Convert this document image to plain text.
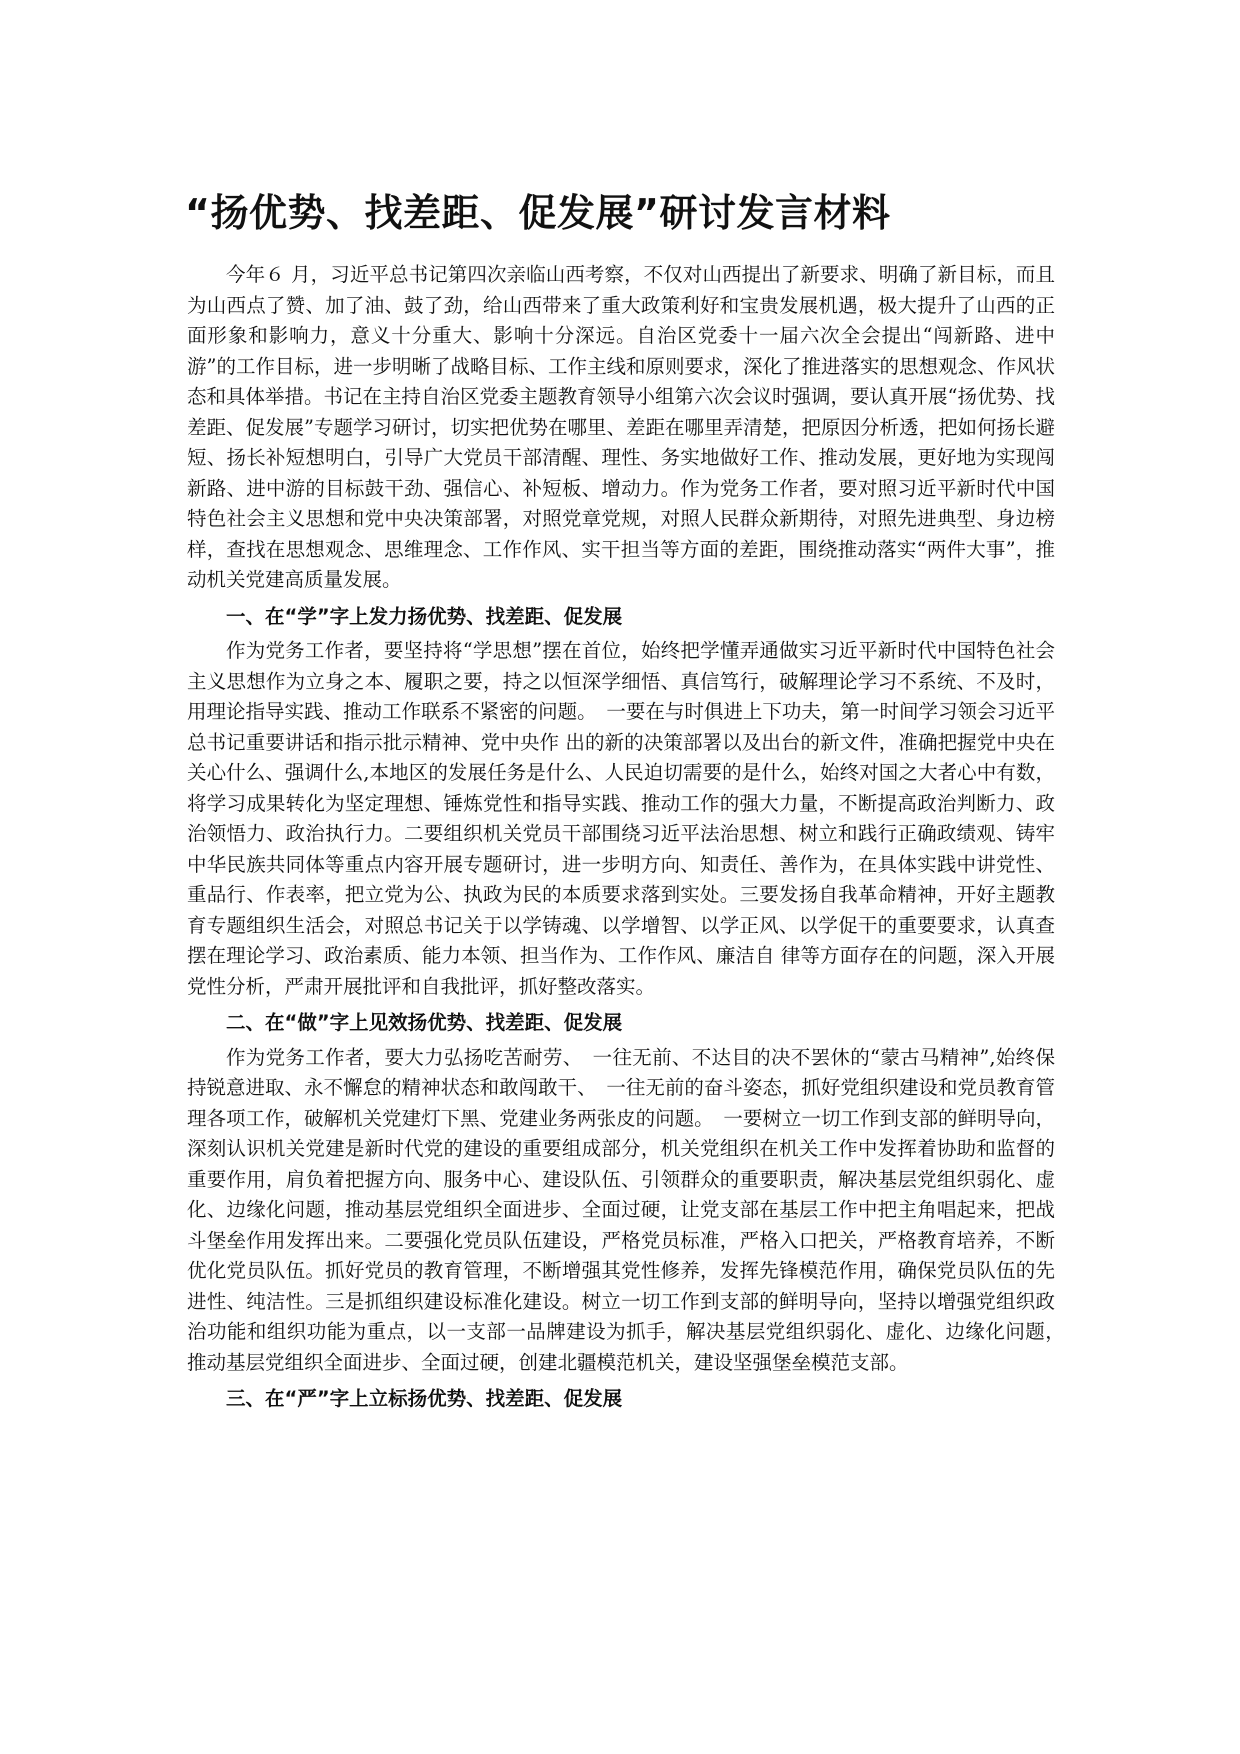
“扬优势、找差距、促发展”研讨发言材料

今年６ 月，习近平总书记第四次亲临山西考察，不仅对山西提出了新要求、明确了新目标，而且为山西点了赞、加了油、鼓了劲，给山西带来了重大政策利好和宝贵发展机遇，极大提升了山西的正面形象和影响力，意义十分重大、影响十分深远。自治区党委十一届六次全会提出“闯新路、进中游”的工作目标，进一步明晰了战略目标、工作主线和原则要求，深化了推进落实的思想观念、作风状态和具体举措。书记在主持自治区党委主题教育领导小组第六次会议时强调，要认真开展“扬优势、找差距、促发展”专题学习研讨，切实把优势在哪里、差距在哪里弄清楚，把原因分析透，把如何扬长避短、扬长补短想明白，引导广大党员干部清醒、理性、务实地做好工作、推动发展，更好地为实现闯新路、进中游的目标鼓干劲、强信心、补短板、增动力。作为党务工作者，要对照习近平新时代中国特色社会主义思想和党中央决策部署，对照党章党规，对照人民群众新期待，对照先进典型、身边榜样，查找在思想观念、思维理念、工作作风、实干担当等方面的差距，围绕推动落实“两件大事”，推动机关党建高质量发展。

一、在“学”字上发力扬优势、找差距、促发展

作为党务工作者，要坚持将“学思想”摆在首位，始终把学懂弄通做实习近平新时代中国特色社会主义思想作为立身之本、履职之要，持之以恒深学细悟、真信笃行，破解理论学习不系统、不及时，用理论指导实践、推动工作联系不紧密的问题。　一要在与时俱进上下功夫，第一时间学习领会习近平总书记重要讲话和指示批示精神、党中央作 出的新的决策部署以及出台的新文件，准确把握党中央在关心什么、强调什么,本地区的发展任务是什么、人民迫切需要的是什么，始终对国之大者心中有数，将学习成果转化为坚定理想、锤炼党性和指导实践、推动工作的强大力量，不断提高政治判断力、政治领悟力、政治执行力。二要组织机关党员干部围绕习近平法治思想、树立和践行正确政绩观、铸牢中华民族共同体等重点内容开展专题研讨，进一步明方向、知责任、善作为，在具体实践中讲党性、重品行、作表率，把立党为公、执政为民的本质要求落到实处。三要发扬自我革命精神，开好主题教育专题组织生活会，对照总书记关于以学铸魂、以学增智、以学正风、以学促干的重要要求，认真查摆在理论学习、政治素质、能力本领、担当作为、工作作风、廉洁自 律等方面存在的问题，深入开展党性分析，严肃开展批评和自我批评，抓好整改落实。

二、在“做”字上见效扬优势、找差距、促发展

作为党务工作者，要大力弘扬吃苦耐劳、　一往无前、不达目的决不罢休的“蒙古马精神”,始终保持锐意进取、永不懈怠的精神状态和敢闯敢干、　一往无前的奋斗姿态，抓好党组织建设和党员教育管理各项工作，破解机关党建灯下黑、党建业务两张皮的问题。　一要树立一切工作到支部的鲜明导向，深刻认识机关党建是新时代党的建设的重要组成部分，机关党组织在机关工作中发挥着协助和监督的重要作用，肩负着把握方向、服务中心、建设队伍、引领群众的重要职责，解决基层党组织弱化、虚化、边缘化问题，推动基层党组织全面进步、全面过硬，让党支部在基层工作中把主角唱起来，把战斗堡垒作用发挥出来。二要强化党员队伍建设，严格党员标准，严格入口把关，严格教育培养，不断优化党员队伍。抓好党员的教育管理，不断增强其党性修养，发挥先锋模范作用，确保党员队伍的先进性、纯洁性。三是抓组织建设标准化建设。树立一切工作到支部的鲜明导向，坚持以增强党组织政治功能和组织功能为重点，以一支部一品牌建设为抓手，解决基层党组织弱化、虚化、边缘化问题，　推动基层党组织全面进步、全面过硬，创建北疆模范机关，建设坚强堡垒模范支部。

三、在“严”字上立标扬优势、找差距、促发展
